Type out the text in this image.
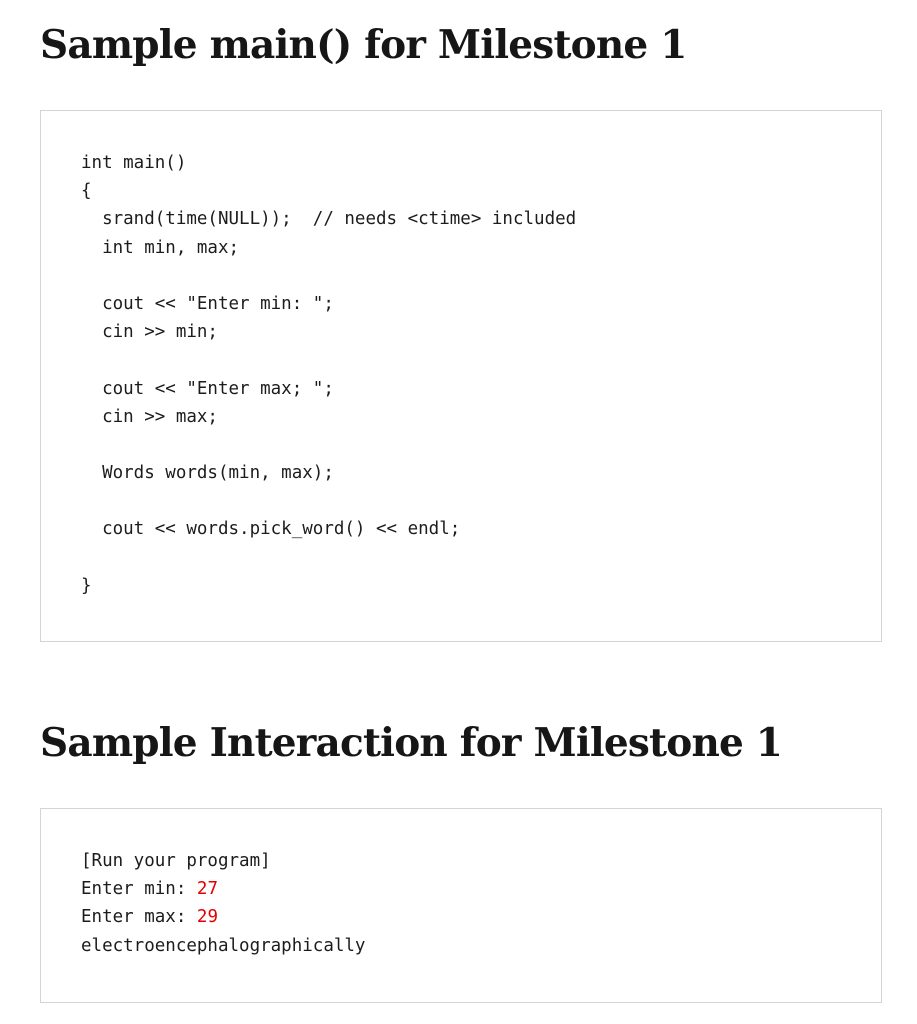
Sample main() for Milestone 1
int main()
{
srand(time(NULL));  // needs <ctime> included
int min, max;
cout << "Enter min: ";
cin >> min;
cout << "Enter max; ";
cin >> max;
Words words(min, max);
cout << words.pick_word() << endl;
}
Sample Interaction for Milestone 1
[Run your program]
Enter min: 27
Enter max: 29
electroencephalographically
